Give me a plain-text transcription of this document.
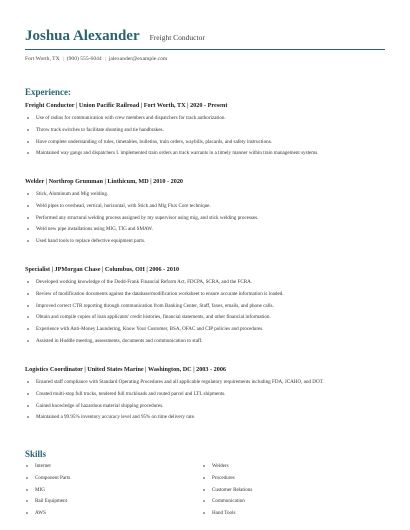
Joshua Alexander Freight Conductor
Fort Worth, TX | (900) 555-6044 | jalexander@example.com
Experience:
Freight Conductor | Union Pacific Railroad | Fort Worth, TX | 2020 - Present
Use of radios for communication with crew members and dispatchers for track authorization.
Throw track switches to facilitate shunting and tie handbrakes.
Have complete understanding of rules, timetables, bulletins, train orders, waybills, placards, and safety instructions.
Maintained way gangs and dispatchers I. implemented train orders an track warrants in a timely manner within train management systems.
Welder | Northrop Grumman | Linthicum, MD | 2010 - 2020
Stick, Aluminum and Mig welding.
Weld pipes to overhead, vertical, horizontal, with Stick and Mig Flux Core technique.
Performed any structural welding process assigned by my supervisor using mig, and stick welding processes.
Weld new pipe installations using MIG, TIG and SMAW.
Used hand tools to replace defective equipment parts.
Specialist | JPMorgan Chase | Columbus, OH | 2006 - 2010
Developed working knowledge of the Dodd-Frank Financial Reform Act, FDCPA, SCRA, and the FCRA.
Review of modification documents against the database/modification worksheet to ensure accurate information is loaded.
Improved correct CTR reporting through communication from Banking Center, Staff, faxes, emails, and phone calls.
Obtain and compile copies of loan applicants' credit histories, financial statements, and other financial information.
Experience with Anti-Money Laundering, Know Your Customer, BSA, OFAC and CIP policies and procedures.
Assisted in Huddle meeting, assessments, documents and communication to staff.
Logistics Coordinator | United States Marine | Washington, DC | 2003 - 2006
Ensured staff compliance with Standard Operating Procedures and all applicable regulatory requirements including FDA, JCAHO, and DOT.
Created multi-stop full trucks, tendered full truckloads and routed parcel and LTL shipments.
Gained knowledge of hazardous material shipping procedures.
Maintained a 99.95% inventory accuracy level and 95% on time delivery rate.
Skills
Internet
Component Parts
MIG
Rail Equipment
AWS
Welders
Procedures
Customer Relations
Communication
Hand Tools
